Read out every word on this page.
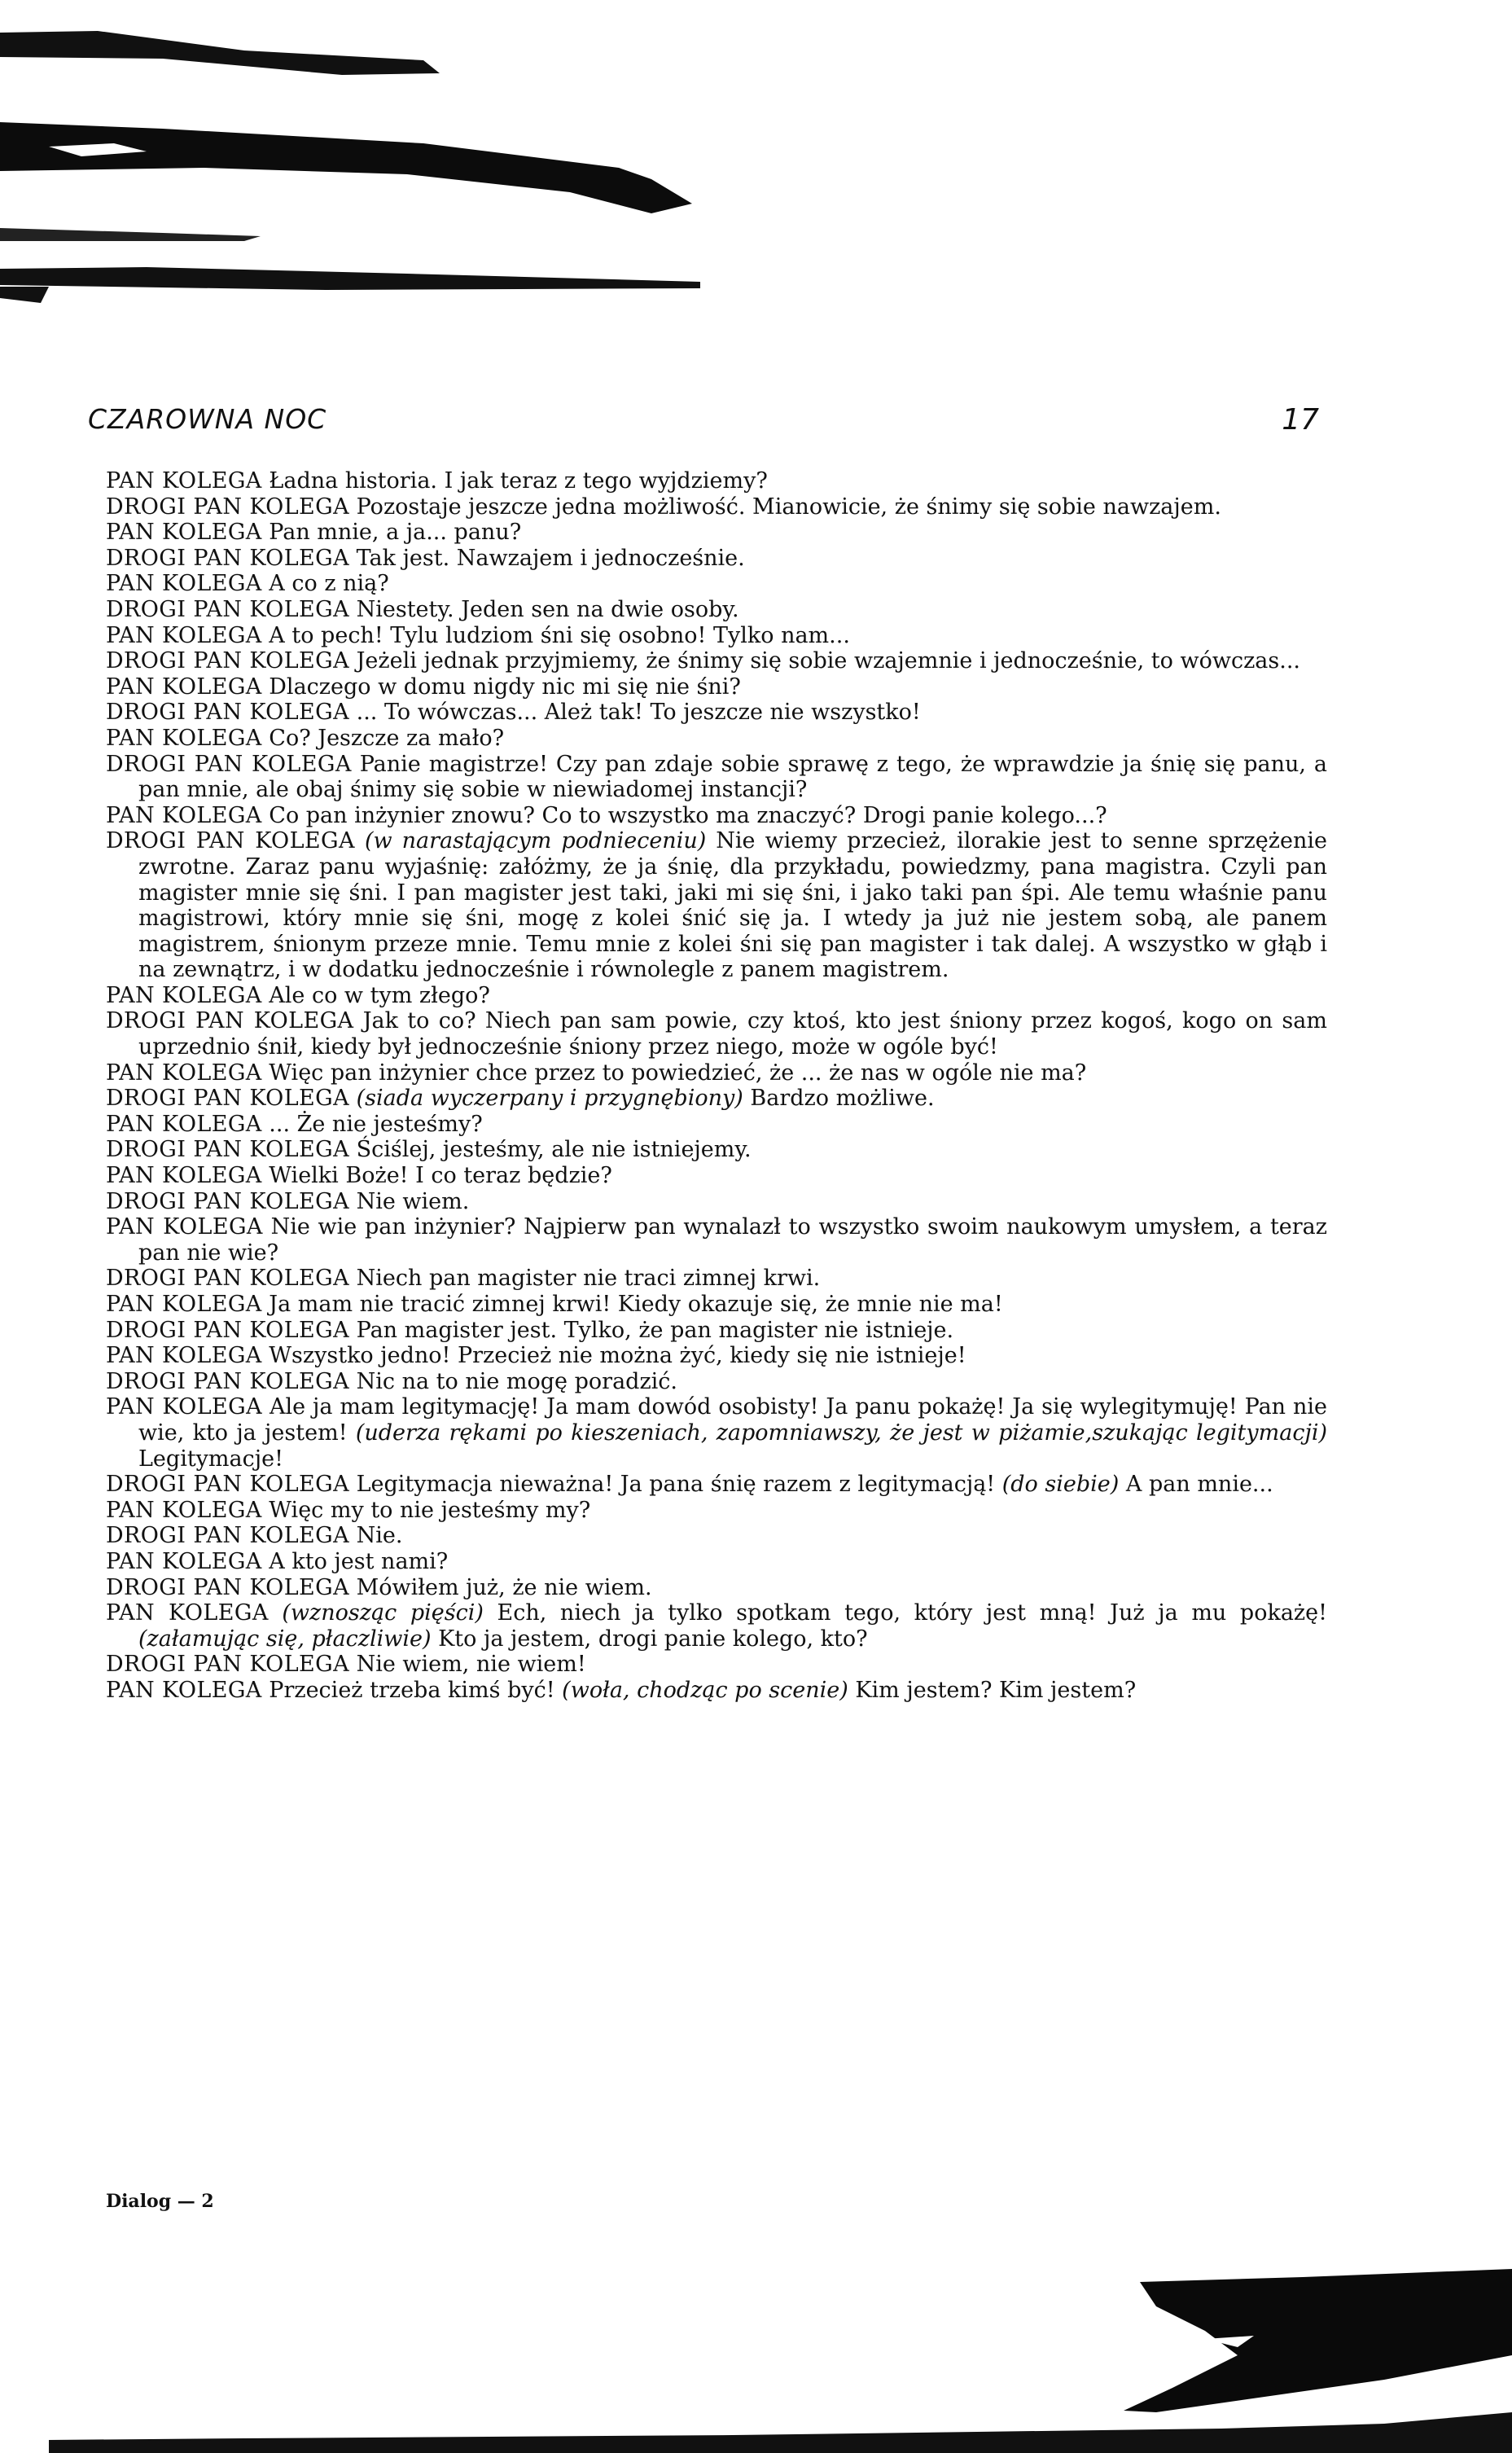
CZAROWNA NOC	17

PAN KOLEGA Ładna historia. I jak teraz z tego wyjdziemy?

DROGI PAN KOLEGA Pozostaje jeszcze jedna możliwość. Mianowicie, że śnimy się sobie nawzajem.

PAN KOLEGA Pan mnie, a ja... panu?

DROGI PAN KOLEGA Tak jest. Nawzajem i jednocześnie.

PAN KOLEGA A co z nią?

DROGI PAN KOLEGA Niestety. Jeden sen na dwie osoby.

PAN KOLEGA A to pech! Tylu ludziom śni się osobno! Tylko nam...

DROGI PAN KOLEGA Jeżeli jednak przyjmiemy, że śnimy się sobie wzajemnie i jednocześnie, to wówczas...

PAN KOLEGA Dlaczego w domu nigdy nic mi się nie śni?

DROGI PAN KOLEGA ... To wówczas... Ależ tak! To jeszcze nie wszystko!

PAN KOLEGA Co? Jeszcze za mało?

DROGI PAN KOLEGA Panie magistrze! Czy pan zdaje sobie sprawę z tego, że wprawdzie ja śnię się panu, a pan mnie, ale obaj śnimy się sobie w niewiadomej instancji?

PAN KOLEGA Co pan inżynier znowu? Co to wszystko ma znaczyć? Drogi panie kolego...?

DROGI PAN KOLEGA (w narastającym podnieceniu) Nie wiemy przecież, ilorakie jest to senne sprzężenie zwrotne. Zaraz panu wyjaśnię: załóżmy, że ja śnię, dla przykładu, powiedzmy, pana magistra. Czyli pan magister mnie się śni. I pan magister jest taki, jaki mi się śni, i jako taki pan śpi. Ale temu właśnie panu magistrowi, który mnie się śni, mogę z kolei śnić się ja. I wtedy ja już nie jestem sobą, ale panem magistrem, śnionym przeze mnie. Temu mnie z kolei śni się pan magister i tak dalej. A wszystko w głąb i na zewnątrz, i w dodatku jednocześnie i równolegle z panem magistrem.

PAN KOLEGA Ale co w tym złego?

DROGI PAN KOLEGA Jak to co? Niech pan sam powie, czy ktoś, kto jest śniony przez kogoś, kogo on sam uprzednio śnił, kiedy był jednocześnie śniony przez niego, może w ogóle być!

PAN KOLEGA Więc pan inżynier chce przez to powiedzieć, że ... że nas w ogóle nie ma?

DROGI PAN KOLEGA (siada wyczerpany i przygnębiony) Bardzo możliwe.

PAN KOLEGA ... Że nie jesteśmy?

DROGI PAN KOLEGA Ściślej, jesteśmy, ale nie istniejemy.

PAN KOLEGA Wielki Boże! I co teraz będzie?

DROGI PAN KOLEGA Nie wiem.

PAN KOLEGA Nie wie pan inżynier? Najpierw pan wynalazł to wszystko swoim naukowym umysłem, a teraz pan nie wie?

DROGI PAN KOLEGA Niech pan magister nie traci zimnej krwi.

PAN KOLEGA Ja mam nie tracić zimnej krwi! Kiedy okazuje się, że mnie nie ma!

DROGI PAN KOLEGA Pan magister jest. Tylko, że pan magister nie istnieje.

PAN KOLEGA Wszystko jedno! Przecież nie można żyć, kiedy się nie istnieje!

DROGI PAN KOLEGA Nic na to nie mogę poradzić.

PAN KOLEGA Ale ja mam legitymację! Ja mam dowód osobisty! Ja panu pokażę! Ja się wylegitymuję! Pan nie wie, kto ja jestem! (uderza rękami po kieszeniach, zapomniawszy, że jest w piżamie,szukając legitymacji) Legitymacje!

DROGI PAN KOLEGA Legitymacja nieważna! Ja pana śnię razem z legitymacją! (do siebie) A pan mnie...

PAN KOLEGA Więc my to nie jesteśmy my?

DROGI PAN KOLEGA Nie.

PAN KOLEGA A kto jest nami?

DROGI PAN KOLEGA Mówiłem już, że nie wiem.

PAN KOLEGA (wznosząc pięści) Ech, niech ja tylko spotkam tego, który jest mną! Już ja mu pokażę! (załamując się, płaczliwie) Kto ja jestem, drogi panie kolego, kto?

DROGI PAN KOLEGA Nie wiem, nie wiem!

PAN KOLEGA Przecież trzeba kimś być! (woła, chodząc po scenie) Kim jestem? Kim jestem?

Dialog — 2
